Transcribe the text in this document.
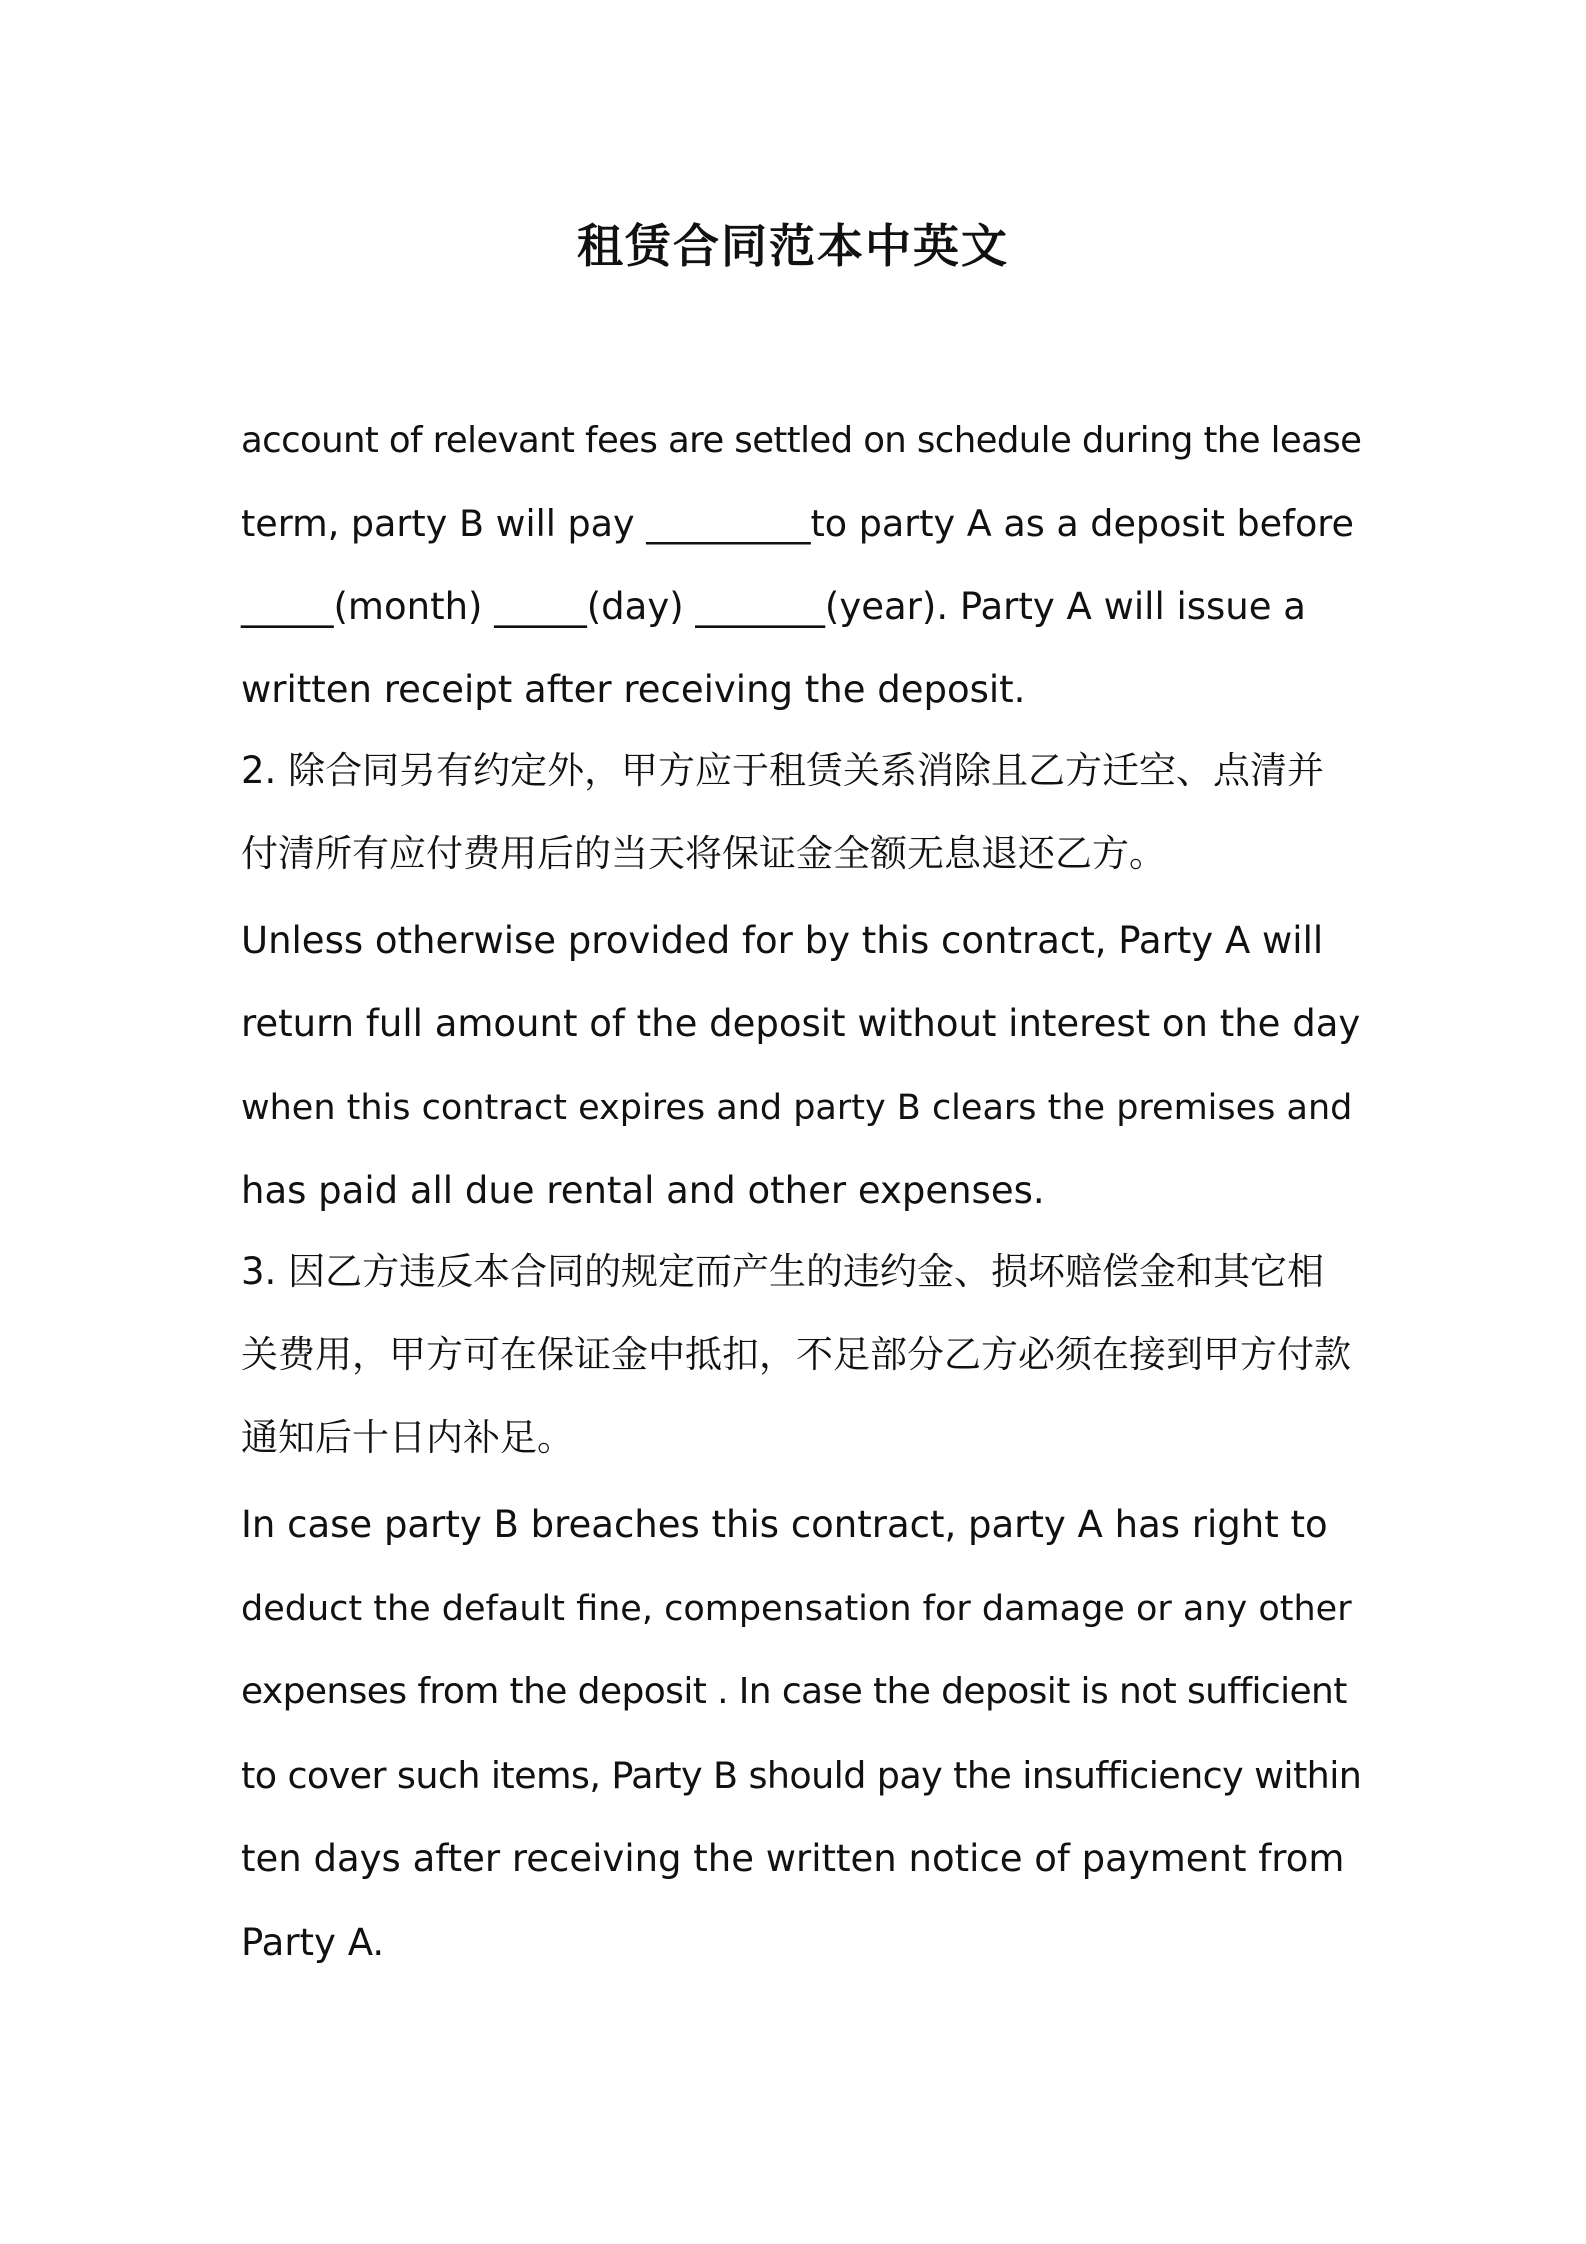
租赁合同范本中英文

account of relevant fees are settled on schedule during the lease

term, party B will pay _________to party A as a deposit before

_____(month) _____(day) _______(year). Party A will issue a

written receipt after receiving the deposit.

2. 除合同另有约定外，甲方应于租赁关系消除且乙方迁空、点清并

付清所有应付费用后的当天将保证金全额无息退还乙方。

Unless otherwise provided for by this contract, Party A will

return full amount of the deposit without interest on the day

when this contract expires and party B clears the premises and

has paid all due rental and other expenses.

3. 因乙方违反本合同的规定而产生的违约金、损坏赔偿金和其它相

关费用，甲方可在保证金中抵扣，不足部分乙方必须在接到甲方付款

通知后十日内补足。

In case party B breaches this contract, party A has right to

deduct the default fine, compensation for damage or any other

expenses from the deposit . In case the deposit is not sufficient

to cover such items, Party B should pay the insufficiency within

ten days after receiving the written notice of payment from

Party A.
